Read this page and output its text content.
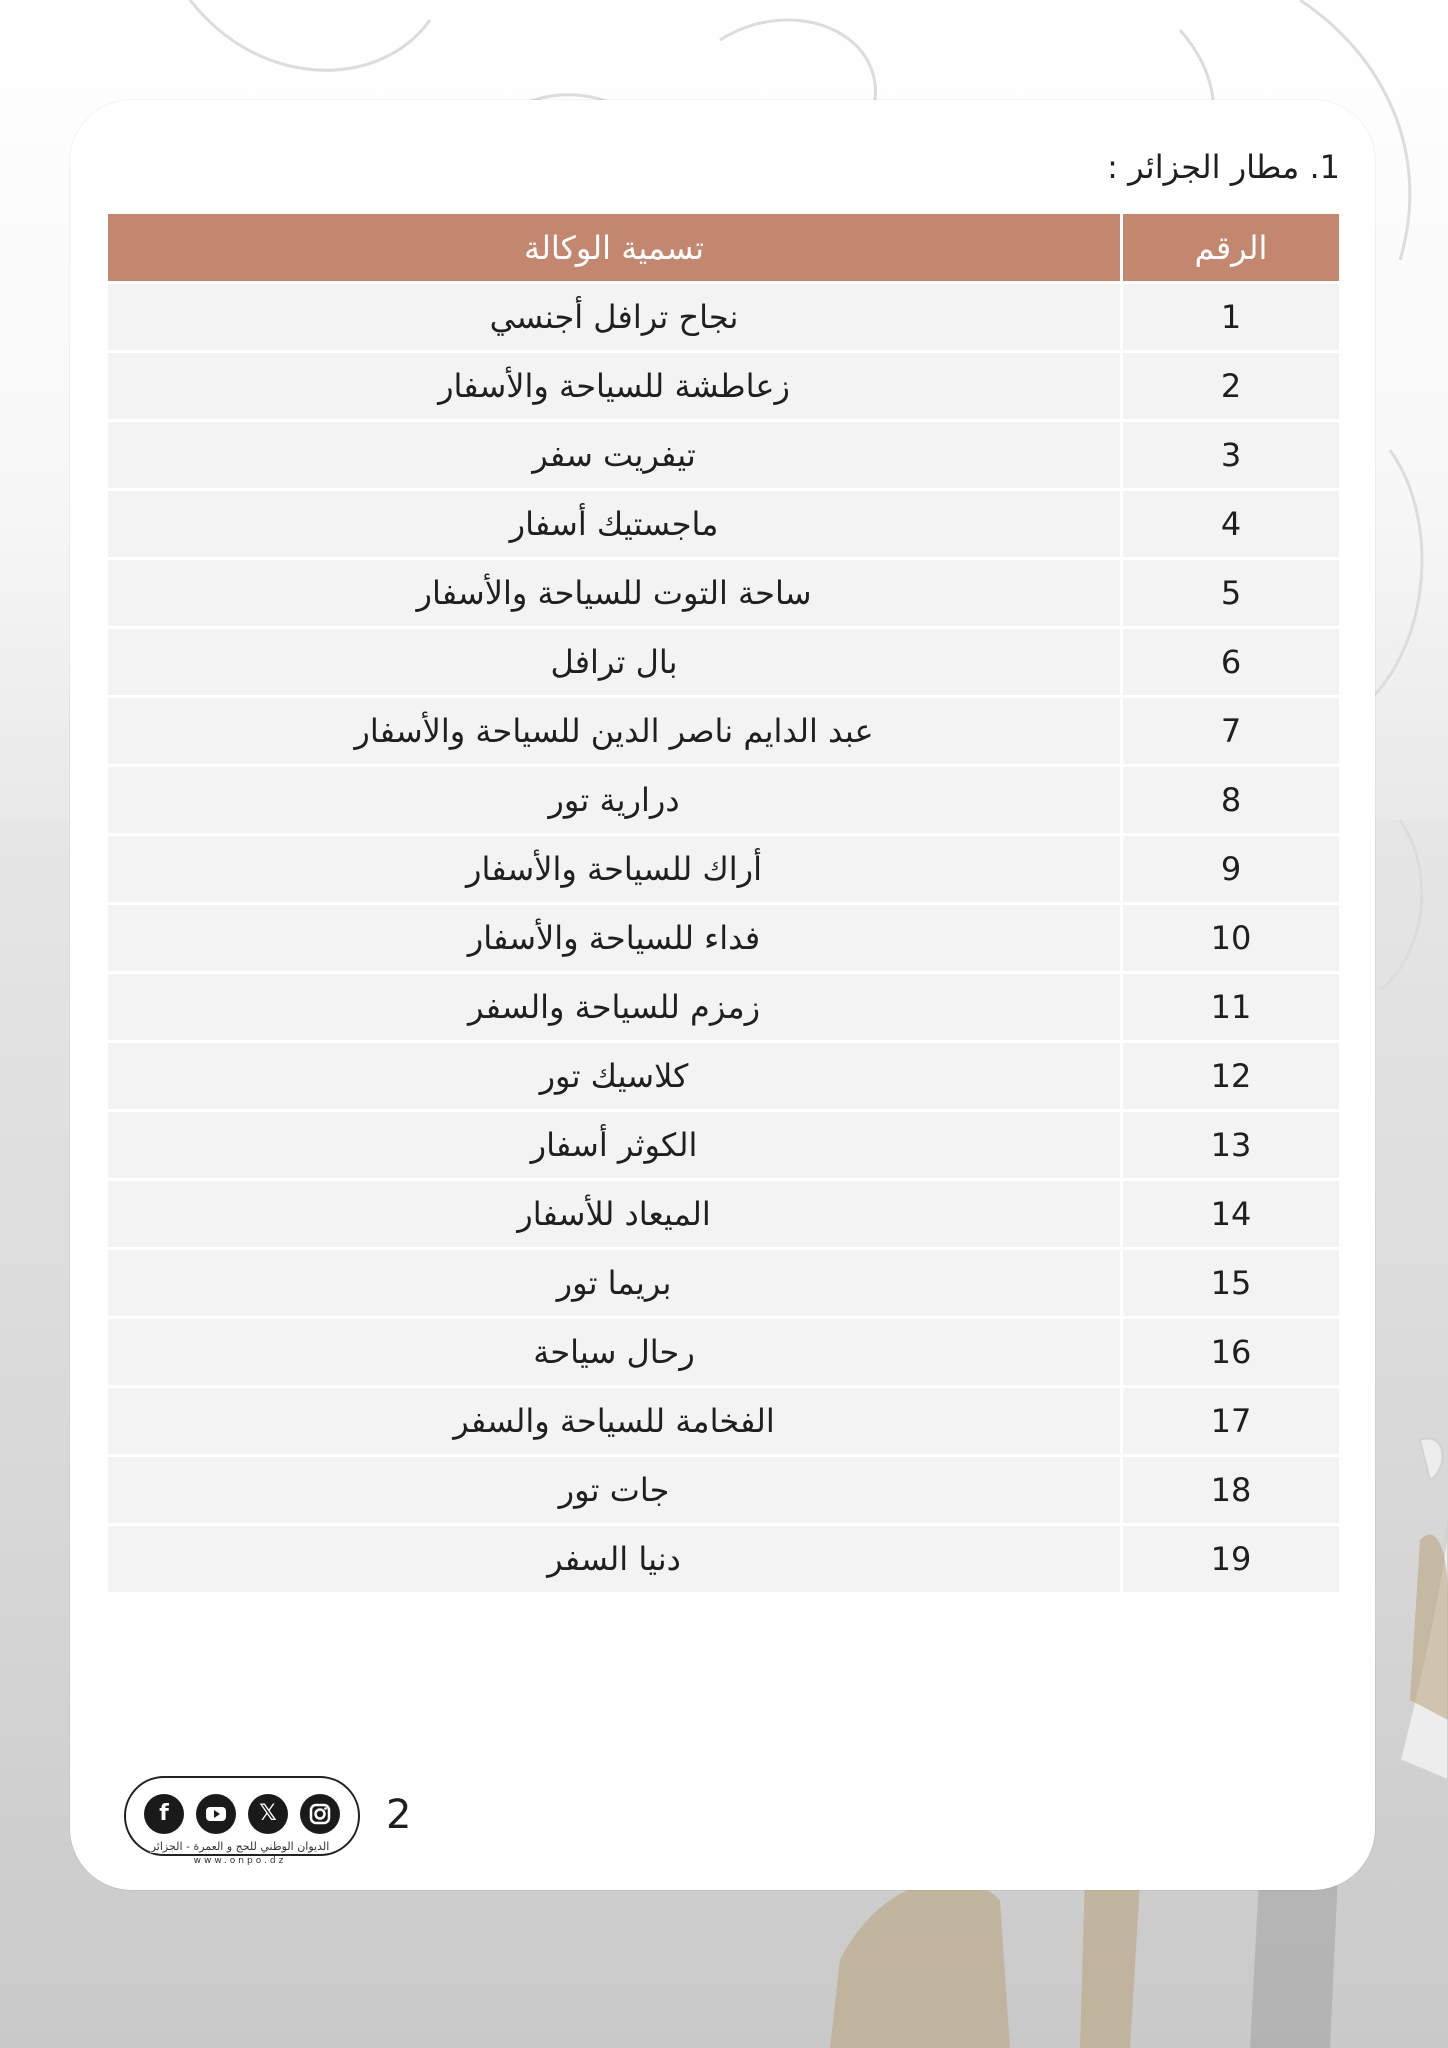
1. مطار الجزائر :
تسمية الوكالة	الرقم
نجاح ترافل أجنسي	1
زعاطشة للسياحة والأسفار	2
تيفريت سفر	3
ماجستيك أسفار	4
ساحة التوت للسياحة والأسفار	5
بال ترافل	6
عبد الدايم ناصر الدين للسياحة والأسفار	7
درارية تور	8
أراك للسياحة والأسفار	9
فداء للسياحة والأسفار	10
زمزم للسياحة والسفر	11
كلاسيك تور	12
الكوثر أسفار	13
الميعاد للأسفار	14
بريما تور	15
رحال سياحة	16
الفخامة للسياحة والسفر	17
جات تور	18
دنيا السفر	19
2
f	𝕏
الديوان الوطني للحج و العمرة - الجزائر
www.onpo.dz
